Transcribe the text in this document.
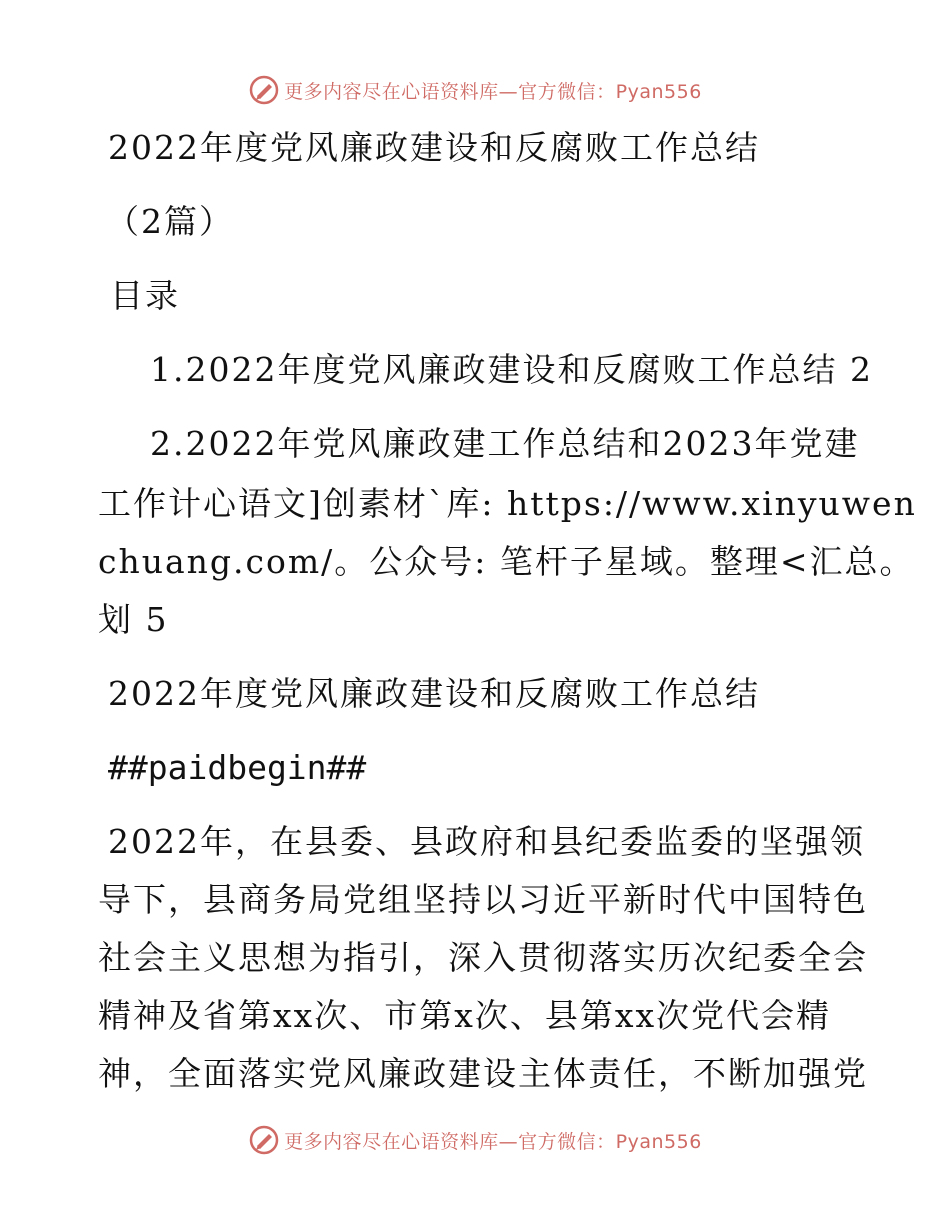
更多内容尽在心语资料库—官方微信：Pyan556
2022年度党风廉政建设和反腐败工作总结
（2篇）
目录
1.2022年度党风廉政建设和反腐败工作总结 2
2.2022年党风廉政建工作总结和2023年党建
工作计心语文]创素材`库: https://www.xinyuwen
chuang.com/。公众号: 笔杆子星域。整理<汇总。
划 5
2022年度党风廉政建设和反腐败工作总结
##paidbegin##
2022年，在县委、县政府和县纪委监委的坚强领
导下，县商务局党组坚持以习近平新时代中国特色
社会主义思想为指引，深入贯彻落实历次纪委全会
精神及省第xx次、市第x次、县第xx次党代会精
神，全面落实党风廉政建设主体责任，不断加强党
更多内容尽在心语资料库—官方微信：Pyan556
